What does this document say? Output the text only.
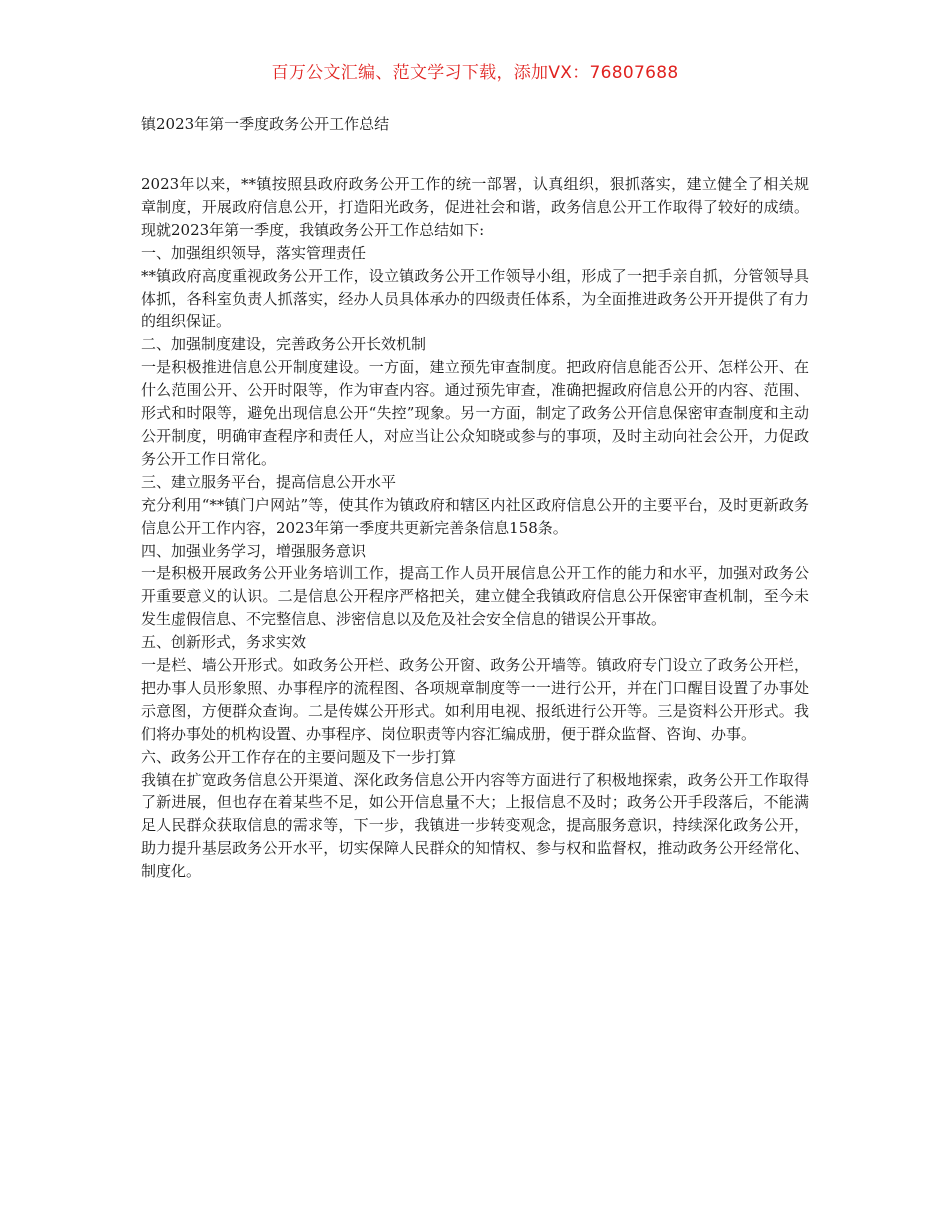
百万公文汇编、范文学习下载，添加VX：76807688
镇2023年第一季度政务公开工作总结

2023年以来，**镇按照县政府政务公开工作的统一部署，认真组织，狠抓落实，建立健全了相关规章制度，开展政府信息公开，打造阳光政务，促进社会和谐，政务信息公开工作取得了较好的成绩。现就2023年第一季度，我镇政务公开工作总结如下:

一、加强组织领导，落实管理责任

**镇政府高度重视政务公开工作，设立镇政务公开工作领导小组，形成了一把手亲自抓，分管领导具体抓，各科室负责人抓落实，经办人员具体承办的四级责任体系，为全面推进政务公开开提供了有力的组织保证。

二、加强制度建设，完善政务公开长效机制

一是积极推进信息公开制度建设。一方面，建立预先审查制度。把政府信息能否公开、怎样公开、在什么范围公开、公开时限等，作为审查内容。通过预先审查，准确把握政府信息公开的内容、范围、形式和时限等，避免出现信息公开“失控”现象。另一方面，制定了政务公开信息保密审查制度和主动公开制度，明确审查程序和责任人，对应当让公众知晓或参与的事项，及时主动向社会公开，力促政务公开工作日常化。

三、建立服务平台，提高信息公开水平

充分利用“**镇门户网站”等，使其作为镇政府和辖区内社区政府信息公开的主要平台，及时更新政务信息公开工作内容，2023年第一季度共更新完善条信息158条。

四、加强业务学习，增强服务意识

一是积极开展政务公开业务培训工作，提高工作人员开展信息公开工作的能力和水平，加强对政务公开重要意义的认识。二是信息公开程序严格把关，建立健全我镇政府信息公开保密审查机制，至今未发生虚假信息、不完整信息、涉密信息以及危及社会安全信息的错误公开事故。

五、创新形式，务求实效

一是栏、墙公开形式。如政务公开栏、政务公开窗、政务公开墙等。镇政府专门设立了政务公开栏，把办事人员形象照、办事程序的流程图、各项规章制度等一一进行公开，并在门口醒目设置了办事处示意图，方便群众查询。二是传媒公开形式。如利用电视、报纸进行公开等。三是资料公开形式。我们将办事处的机构设置、办事程序、岗位职责等内容汇编成册，便于群众监督、咨询、办事。

六、政务公开工作存在的主要问题及下一步打算

我镇在扩宽政务信息公开渠道、深化政务信息公开内容等方面进行了积极地探索，政务公开工作取得了新进展，但也存在着某些不足，如公开信息量不大；上报信息不及时；政务公开手段落后，不能满足人民群众获取信息的需求等，下一步，我镇进一步转变观念，提高服务意识，持续深化政务公开，助力提升基层政务公开水平，切实保障人民群众的知情权、参与权和监督权，推动政务公开经常化、制度化。
